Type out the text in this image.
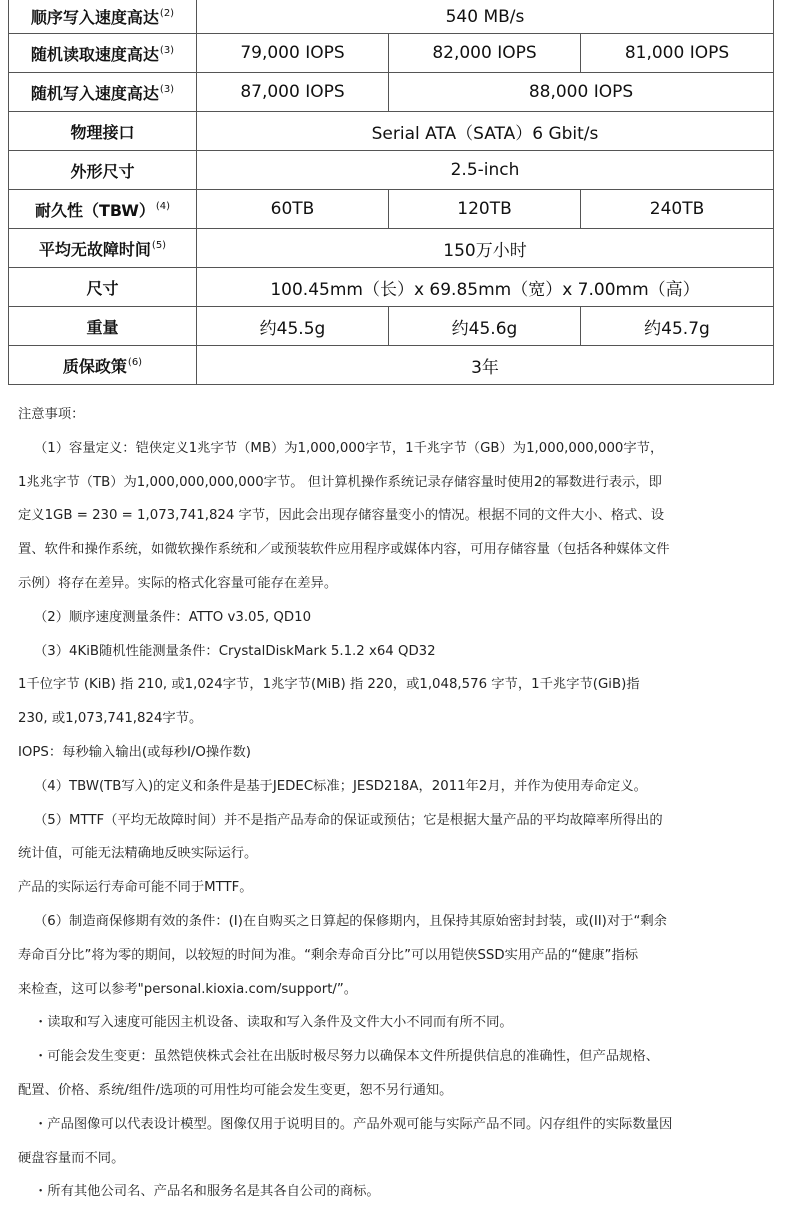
顺序写入速度高达$^{(2)}$	540 MB/s		
随机读取速度高达$^{(3)}$	79,000 IOPS	82,000 IOPS	81,000 IOPS
随机写入速度高达$^{(3)}$	87,000 IOPS	88,000 IOPS	
物理接口	Serial ATA（SATA）6 Gbit/s		
外形尺寸	2.5-inch		
耐久性（TBW）$^{(4)}$	60TB	120TB	240TB
平均无故障时间$^{(5)}$	150万小时		
尺寸	100.45mm（长）x 69.85mm（宽）x 7.00mm（高）		
重量	约45.5g	约45.6g	约45.7g
质保政策$^{(6)}$	3年		

注意事项：

（1）容量定义：铠侠定义1兆字节（MB）为1,000,000字节，1千兆字节（GB）为1,000,000,000字节，

1兆兆字节（TB）为1,000,000,000,000字节。 但计算机操作系统记录存储容量时使用2的幂数进行表示，即

定义1GB = 230 = 1,073,741,824 字节，因此会出现存储容量变小的情况。根据不同的文件大小、格式、设

置、软件和操作系统，如微软操作系统和／或预装软件应用程序或媒体内容，可用存储容量（包括各种媒体文件

示例）将存在差异。实际的格式化容量可能存在差异。

（2）顺序速度测量条件：ATTO v3.05, QD10

（3）4KiB随机性能测量条件：CrystalDiskMark 5.1.2 x64 QD32

1千位字节 (KiB) 指 210, 或1,024字节，1兆字节(MiB) 指 220，或1,048,576 字节，1千兆字节(GiB)指

230, 或1,073,741,824字节。

IOPS：每秒输入输出(或每秒I/O操作数)

（4）TBW(TB写入)的定义和条件是基于JEDEC标准；JESD218A，2011年2月，并作为使用寿命定义。

（5）MTTF（平均无故障时间）并不是指产品寿命的保证或预估；它是根据大量产品的平均故障率所得出的

统计值，可能无法精确地反映实际运行。

产品的实际运行寿命可能不同于MTTF。

（6）制造商保修期有效的条件：(I)在自购买之日算起的保修期内，且保持其原始密封封装，或(II)对于“剩余

寿命百分比”将为零的期间，以较短的时间为准。“剩余寿命百分比”可以用铠侠SSD实用产品的“健康”指标

来检查，这可以参考"personal.kioxia.com/support/”。

・读取和写入速度可能因主机设备、读取和写入条件及文件大小不同而有所不同。

・可能会发生变更：虽然铠侠株式会社在出版时极尽努力以确保本文件所提供信息的准确性，但产品规格、

配置、价格、系统/组件/选项的可用性均可能会发生变更，恕不另行通知。

・产品图像可以代表设计模型。图像仅用于说明目的。产品外观可能与实际产品不同。闪存组件的实际数量因

硬盘容量而不同。

・所有其他公司名、产品名和服务名是其各自公司的商标。
